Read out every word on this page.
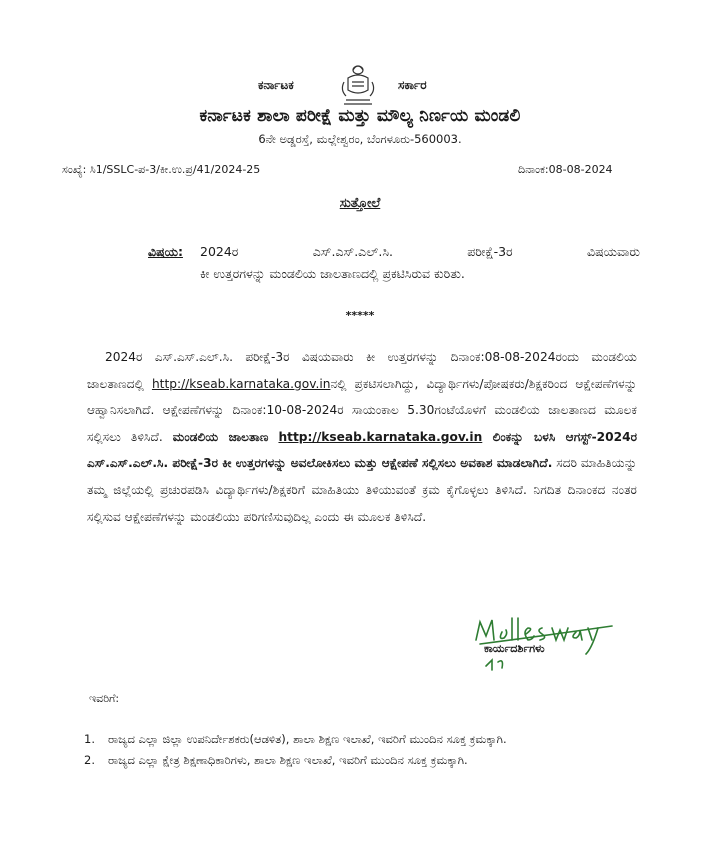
ಕರ್ನಾಟಕ	ಸರ್ಕಾರ
ಕರ್ನಾಟಕ ಶಾಲಾ ಪರೀಕ್ಷೆ ಮತ್ತು ಮೌಲ್ಯ ನಿರ್ಣಯ ಮಂಡಲಿ
6ನೇ ಅಡ್ಡರಸ್ತೆ, ಮಲ್ಲೇಶ್ವರಂ, ಬೆಂಗಳೂರು-560003.
ಸಂಖ್ಯೆ: ಸಿ1/SSLC-ಪ-3/ಕೀ.ಉ.ಪ್ರ/41/2024-25	ದಿನಾಂಕ:08-08-2024
ಸುತ್ತೋಲೆ
ವಿಷಯ: 2024ರ	ಎಸ್.ಎಸ್.ಎಲ್.ಸಿ.	ಪರೀಕ್ಷೆ-3ರ	ವಿಷಯವಾರು
ಕೀ ಉತ್ತರಗಳನ್ನು ಮಂಡಲಿಯ ಜಾಲತಾಣದಲ್ಲಿ ಪ್ರಕಟಿಸಿರುವ ಕುರಿತು.
*****
2024ರ ಎಸ್.ಎಸ್.ಎಲ್.ಸಿ. ಪರೀಕ್ಷೆ-3ರ ವಿಷಯವಾರು ಕೀ ಉತ್ತರಗಳನ್ನು ದಿನಾಂಕ:08-08-2024ರಂದು ಮಂಡಲಿಯ ಜಾಲತಾಣದಲ್ಲಿ http://kseab.karnataka.gov.inನಲ್ಲಿ ಪ್ರಕಟಿಸಲಾಗಿದ್ದು, ವಿದ್ಯಾರ್ಥಿಗಳು/ಪೋಷಕರು/ಶಿಕ್ಷಕರಿಂದ ಆಕ್ಷೇಪಣೆಗಳನ್ನು ಆಹ್ವಾನಿಸಲಾಗಿದೆ. ಆಕ್ಷೇಪಣೆಗಳನ್ನು ದಿನಾಂಕ:10-08-2024ರ ಸಾಯಂಕಾಲ 5.30ಗಂಟೆಯೊಳಗೆ ಮಂಡಲಿಯ ಜಾಲತಾಣದ ಮೂಲಕ ಸಲ್ಲಿಸಲು ತಿಳಿಸಿದೆ. ಮಂಡಲಿಯ ಜಾಲತಾಣ http://kseab.karnataka.gov.in ಲಿಂಕನ್ನು ಬಳಸಿ ಆಗಸ್ಟ್-2024ರ ಎಸ್.ಎಸ್.ಎಲ್.ಸಿ. ಪರೀಕ್ಷೆ-3ರ ಕೀ ಉತ್ತರಗಳನ್ನು ಅವಲೋಕಿಸಲು ಮತ್ತು ಆಕ್ಷೇಪಣೆ ಸಲ್ಲಿಸಲು ಅವಕಾಶ ಮಾಡಲಾಗಿದೆ. ಸದರಿ ಮಾಹಿತಿಯನ್ನು ತಮ್ಮ ಜಿಲ್ಲೆಯಲ್ಲಿ ಪ್ರಚುರಪಡಿಸಿ ವಿದ್ಯಾರ್ಥಿಗಳು/ಶಿಕ್ಷಕರಿಗೆ ಮಾಹಿತಿಯು ತಿಳಿಯುವಂತೆ ಕ್ರಮ ಕೈಗೊಳ್ಳಲು ತಿಳಿಸಿದೆ. ನಿಗದಿತ ದಿನಾಂಕದ ನಂತರ ಸಲ್ಲಿಸುವ ಆಕ್ಷೇಪಣೆಗಳನ್ನು ಮಂಡಲಿಯು ಪರಿಗಣಿಸುವುದಿಲ್ಲ ಎಂದು ಈ ಮೂಲಕ ತಿಳಿಸಿದೆ.
ಕಾರ್ಯದರ್ಶಿಗಳು
ಇವರಿಗೆ:
1. ರಾಜ್ಯದ ಎಲ್ಲಾ ಜಿಲ್ಲಾ ಉಪನಿರ್ದೇಶಕರು(ಆಡಳಿತ), ಶಾಲಾ ಶಿಕ್ಷಣ ಇಲಾಖೆ, ಇವರಿಗೆ ಮುಂದಿನ ಸೂಕ್ತ ಕ್ರಮಕ್ಕಾಗಿ.
2. ರಾಜ್ಯದ ಎಲ್ಲಾ ಕ್ಷೇತ್ರ ಶಿಕ್ಷಣಾಧಿಕಾರಿಗಳು, ಶಾಲಾ ಶಿಕ್ಷಣ ಇಲಾಖೆ, ಇವರಿಗೆ ಮುಂದಿನ ಸೂಕ್ತ ಕ್ರಮಕ್ಕಾಗಿ.
